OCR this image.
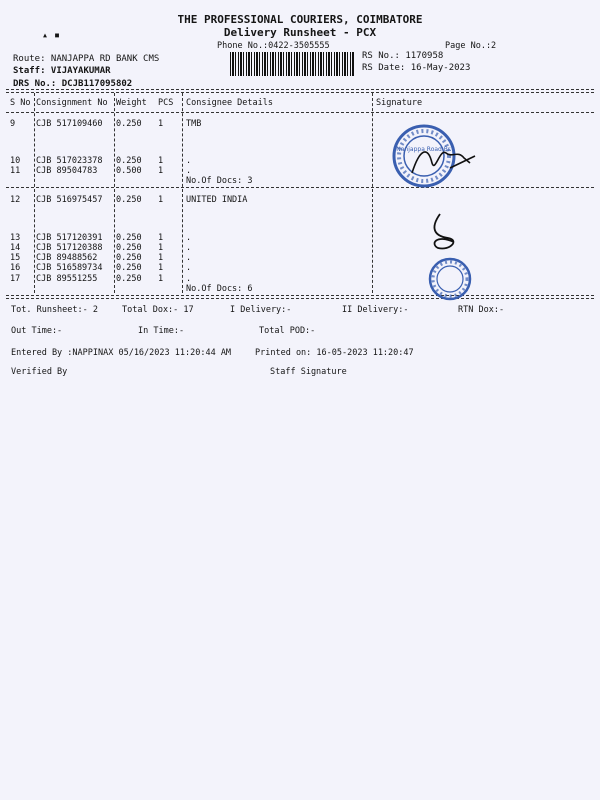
THE PROFESSIONAL COURIERS, COIMBATORE
Delivery Runsheet - PCX
Phone No.:0422-3505555	Page No.:2
▴ ▪
Route: NANJAPPA RD BANK CMS
Staff: VIJAYAKUMAR
DRS No.: DCJB117095802
RS No.: 1170958
RS Date: 16-May-2023
S No Consignment No Weight PCS Consignee Details	Signature
9 CJB 517109460 0.250 1	TMB
10 CJB 517023378 0.250 1	.
11 CJB 89504783 0.500 1	.
No.Of Docs: 3
12 CJB 516975457 0.250 1	UNITED INDIA
13 CJB 517120391 0.250 1	.
14 CJB 517120388 0.250 1	.
15 CJB 89488562 0.250 1	.
16 CJB 516589734 0.250 1	.
17 CJB 89551255 0.250 1	.
No.Of Docs: 6
Nanjappa Road Br.
Tot. Runsheet:- 2	Total Dox:- 17	I Delivery:-	II Delivery:-	RTN Dox:-
Out Time:-	In Time:-	Total POD:-
Entered By :NAPPINAX 05/16/2023 11:20:44 AM	Printed on: 16-05-2023 11:20:47
Verified By	Staff Signature
